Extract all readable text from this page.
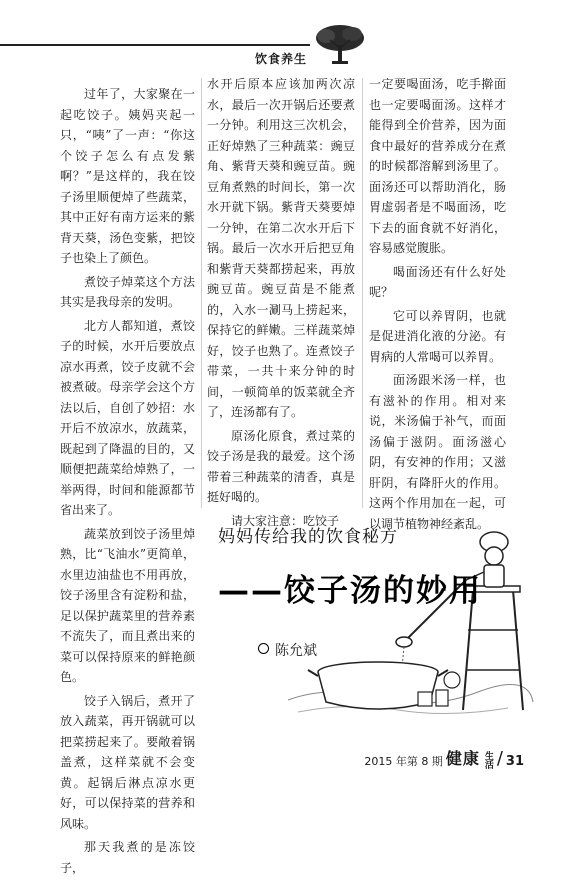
饮食养生

过年了，大家聚在一起吃饺子。姨妈夹起一只，“咦”了一声：“你这个饺子怎么有点发紫啊？”是这样的，我在饺子汤里顺便焯了些蔬菜，其中正好有南方运来的紫背天葵，汤色变紫，把饺子也染上了颜色。

煮饺子焯菜这个方法其实是我母亲的发明。

北方人都知道，煮饺子的时候，水开后要放点凉水再煮，饺子皮就不会被煮破。母亲学会这个方法以后，自创了妙招：水开后不放凉水，放蔬菜，既起到了降温的目的，又顺便把蔬菜给焯熟了，一举两得，时间和能源都节省出来了。

蔬菜放到饺子汤里焯熟，比“飞油水”更简单，水里边油盐也不用再放，饺子汤里含有淀粉和盐，足以保护蔬菜里的营养素不流失了，而且煮出来的菜可以保持原来的鲜艳颜色。

饺子入锅后，煮开了放入蔬菜，再开锅就可以把菜捞起来了。要敞着锅盖煮，这样菜就不会变黄。起锅后淋点凉水更好，可以保持菜的营养和风味。

那天我煮的是冻饺子，

水开后原本应该加两次凉水，最后一次开锅后还要煮一分钟。利用这三次机会，正好焯熟了三种蔬菜：豌豆角、紫背天葵和豌豆苗。豌豆角煮熟的时间长，第一次水开就下锅。紫背天葵要焯一分钟，在第二次水开后下锅。最后一次水开后把豆角和紫背天葵都捞起来，再放豌豆苗。豌豆苗是不能煮的，入水一涮马上捞起来，保持它的鲜嫩。三样蔬菜焯好，饺子也熟了。连煮饺子带菜，一共十来分钟的时间，一顿简单的饭菜就全齐了，连汤都有了。

原汤化原食，煮过菜的饺子汤是我的最爱。这个汤带着三种蔬菜的清香，真是挺好喝的。

请大家注意：吃饺子

一定要喝面汤，吃手擀面也一定要喝面汤。这样才能得到全价营养，因为面食中最好的营养成分在煮的时候都溶解到汤里了。面汤还可以帮助消化，肠胃虚弱者是不喝面汤，吃下去的面食就不好消化，容易感觉腹胀。

喝面汤还有什么好处呢？

它可以养胃阴，也就是促进消化液的分泌。有胃病的人常喝可以养胃。

面汤跟米汤一样，也有滋补的作用。相对来说，米汤偏于补气，而面汤偏于滋阴。面汤滋心阴，有安神的作用；又滋肝阴，有降肝火的作用。这两个作用加在一起，可以调节植物神经紊乱。

妈妈传给我的饮食秘方
——饺子汤的妙用
陈允斌
2015 年第 8 期 健康 生活 / 31
